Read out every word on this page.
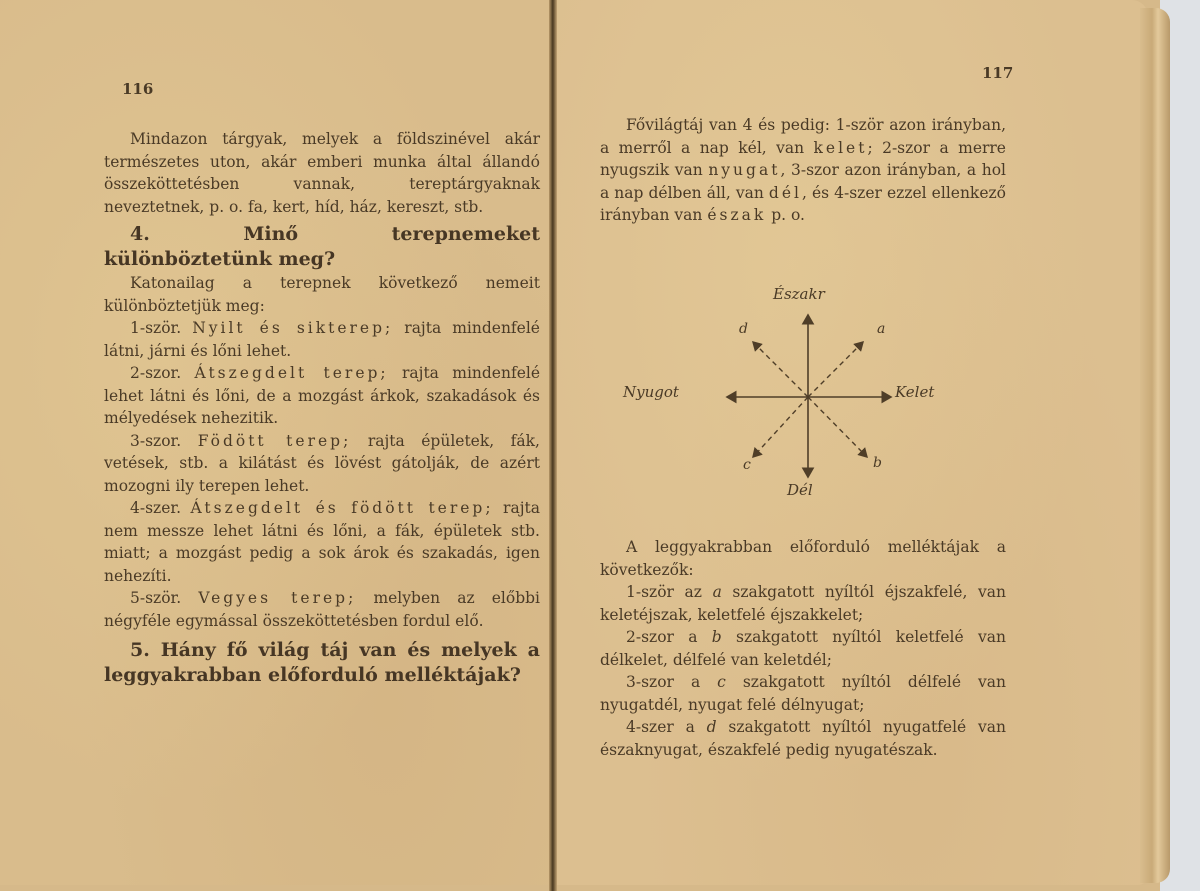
116

Mindazon tárgyak, melyek a földszinével akár természetes uton, akár emberi munka által állandó összeköttetésben vannak, tereptárgyaknak neveztetnek, p. o. fa, kert, híd, ház, kereszt, stb.

4. Minő terepnemeket különböztetünk meg?

Katonailag a terepnek következő nemeit különböztetjük meg:

1-ször. Nyilt és sikterep; rajta mindenfelé látni, járni és lőni lehet.

2-szor. Átszegdelt terep; rajta mindenfelé lehet látni és lőni, de a mozgást árkok, szakadások és mélyedések nehezitik.

3-szor. Födött terep; rajta épületek, fák, vetések, stb. a kilátást és lövést gátolják, de azért mozogni ily terepen lehet.

4-szer. Átszegdelt és födött terep; rajta nem messze lehet látni és lőni, a fák, épületek stb. miatt; a mozgást pedig a sok árok és szakadás, igen nehezíti.

5-ször. Vegyes terep; melyben az előbbi négyféle egymással összeköttetésben fordul elő.

5. Hány fő világ táj van és melyek a leggyakrabban előforduló melléktájak?

117

Fővilágtáj van 4 és pedig: 1-ször azon irányban, a merről a nap kél, van kelet; 2-szor a merre nyugszik van nyugat, 3-szor azon irányban, a hol a nap délben áll, van dél, és 4-szer ezzel ellenkező irányban van észak p. o.

Északr
Dél
Nyugot	Kelet
a
b
c
d

A leggyakrabban előforduló melléktájak a következők:

1-ször az a szakgatott nyíltól éjszakfelé, van keletéjszak, keletfelé éjszakkelet;

2-szor a b szakgatott nyíltól keletfelé van délkelet, délfelé van keletdél;

3-szor a c szakgatott nyíltól délfelé van nyugatdél, nyugat felé délnyugat;

4-szer a d szakgatott nyíltól nyugatfelé van északnyugat, északfelé pedig nyugatészak.
